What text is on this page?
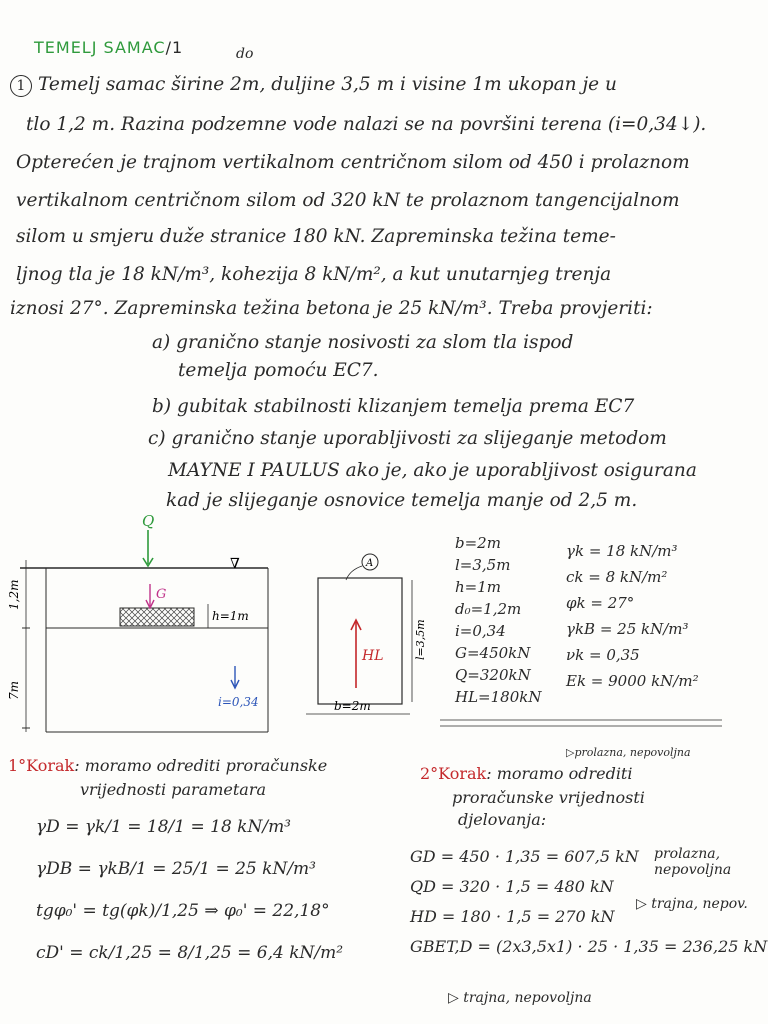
TEMELJ SAMAC/1	do
1 Temelj samac širine 2m, duljine 3,5 m i visine 1m ukopan je u
tlo 1,2 m. Razina podzemne vode nalazi se na površini terena (i=0,34↓).
Opterećen je trajnom vertikalnom centričnom silom od 450 i prolaznom
vertikalnom centričnom silom od 320 kN te prolaznom tangencijalnom
silom u smjeru duže stranice 180 kN. Zapreminska težina teme-
ljnog tla je 18 kN/m³, kohezija 8 kN/m², a kut unutarnjeg trenja
iznosi 27°. Zapreminska težina betona je 25 kN/m³. Treba provjeriti:
a) granično stanje nosivosti za slom tla ispod
temelja pomoću EC7.
b) gubitak stabilnosti klizanjem temelja prema EC7
c) granično stanje uporabljivosti za slijeganje metodom
MAYNE I PAULUS ako je, ako je uporabljivost osigurana
kad je slijeganje osnovice temelja manje od 2,5 m.
Q
G
h=1m
∇
i=0,34
1,2m
7m
A
HL	l=3,5m
b=2m
b=2m
l=3,5m
h=1m
d₀=1,2m
i=0,34
G=450kN
Q=320kN
HL=180kN
γk = 18 kN/m³
ck = 8 kN/m²
φk = 27°
γkB = 25 kN/m³
νk = 0,35
Ek = 9000 kN/m²
1°Korak: moramo odrediti proračunske
vrijednosti parametara
γD = γk/1 = 18/1 = 18 kN/m³
γDB = γkB/1 = 25/1 = 25 kN/m³
tgφ₀' = tg(φk)/1,25 ⇒ φ₀' = 22,18°
cD' = ck/1,25 = 8/1,25 = 6,4 kN/m²
▷prolazna, nepovoljna
2°Korak: moramo odrediti
proračunske vrijednosti
djelovanja:
GD = 450 · 1,35 = 607,5 kN
QD = 320 · 1,5 = 480 kN
HD = 180 · 1,5 = 270 kN
GBET,D = (2x3,5x1) · 25 · 1,35 = 236,25 kN
prolazna,
nepovoljna
▷ trajna, nepov.
▷ trajna, nepovoljna
